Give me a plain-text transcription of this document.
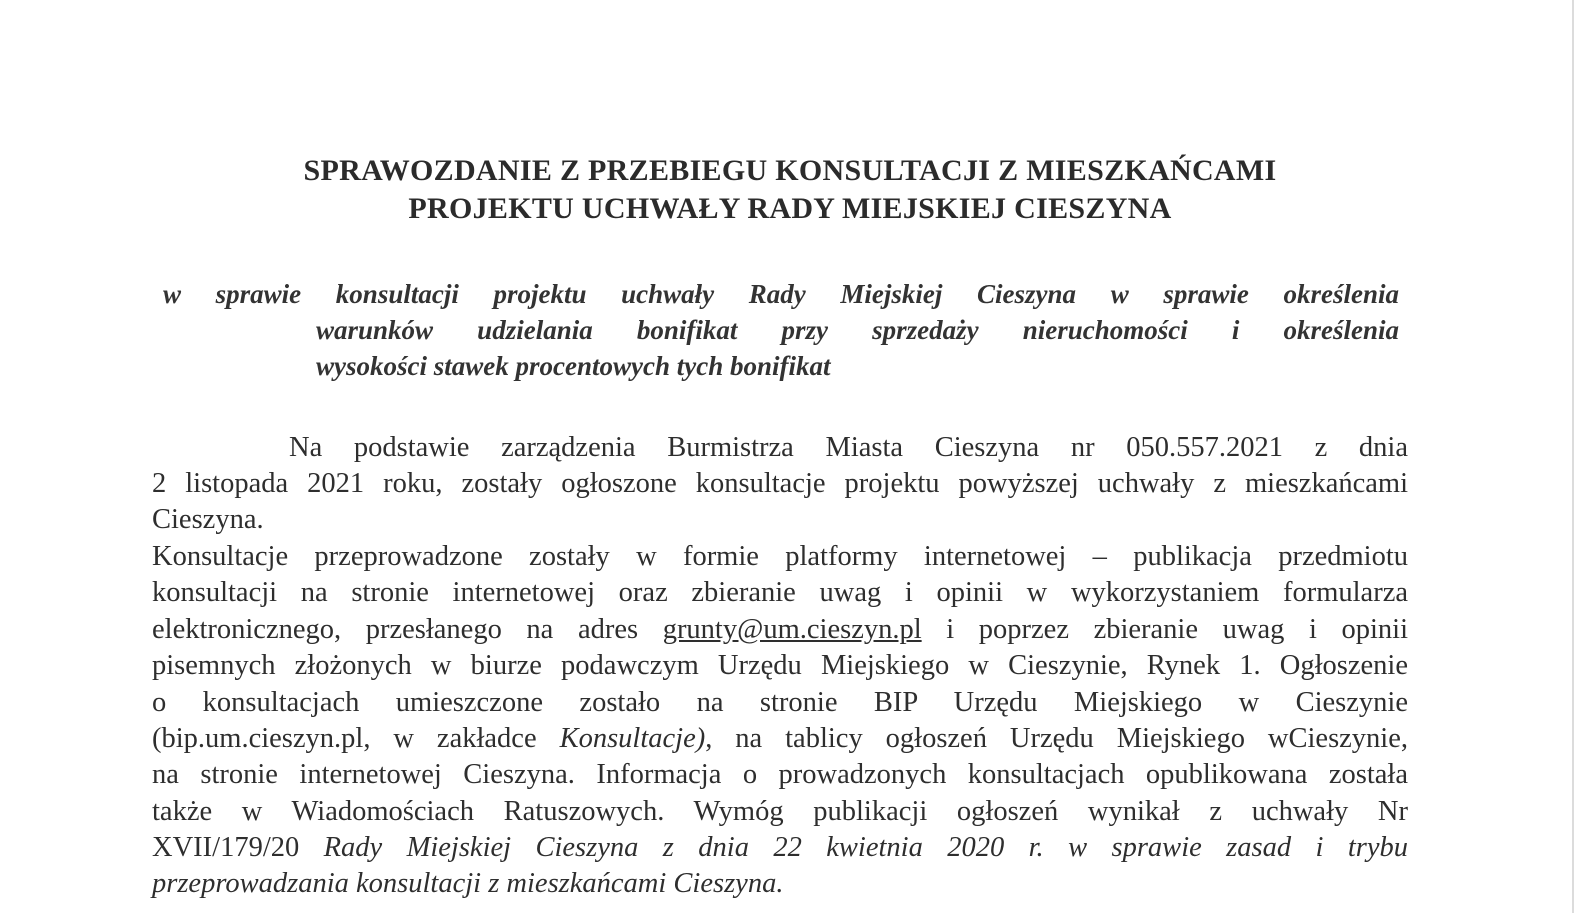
SPRAWOZDANIE Z PRZEBIEGU KONSULTACJI Z MIESZKAŃCAMI
PROJEKTU UCHWAŁY RADY MIEJSKIEJ CIESZYNA
w sprawie konsultacji projektu uchwały Rady Miejskiej Cieszyna w sprawie określenia
warunków udzielania bonifikat przy sprzedaży nieruchomości i określenia
wysokości stawek procentowych tych bonifikat
Na podstawie zarządzenia Burmistrza Miasta Cieszyna nr 050.557.2021 z dnia
2 listopada 2021 roku, zostały ogłoszone konsultacje projektu powyższej uchwały z mieszkańcami
Cieszyna.
Konsultacje przeprowadzone zostały w formie platformy internetowej – publikacja przedmiotu
konsultacji na stronie internetowej oraz zbieranie uwag i opinii w wykorzystaniem formularza
elektronicznego, przesłanego na adres grunty@um.cieszyn.pl i poprzez zbieranie uwag i opinii
pisemnych złożonych w biurze podawczym Urzędu Miejskiego w Cieszynie, Rynek 1. Ogłoszenie
o konsultacjach umieszczone zostało na stronie BIP Urzędu Miejskiego w Cieszynie
(bip.um.cieszyn.pl, w zakładce Konsultacje), na tablicy ogłoszeń Urzędu Miejskiego wCieszynie,
na stronie internetowej Cieszyna. Informacja o prowadzonych konsultacjach opublikowana została
także w Wiadomościach Ratuszowych. Wymóg publikacji ogłoszeń wynikał z uchwały Nr
XVII/179/20 Rady Miejskiej Cieszyna z dnia 22 kwietnia 2020 r. w sprawie zasad i trybu
przeprowadzania konsultacji z mieszkańcami Cieszyna.
